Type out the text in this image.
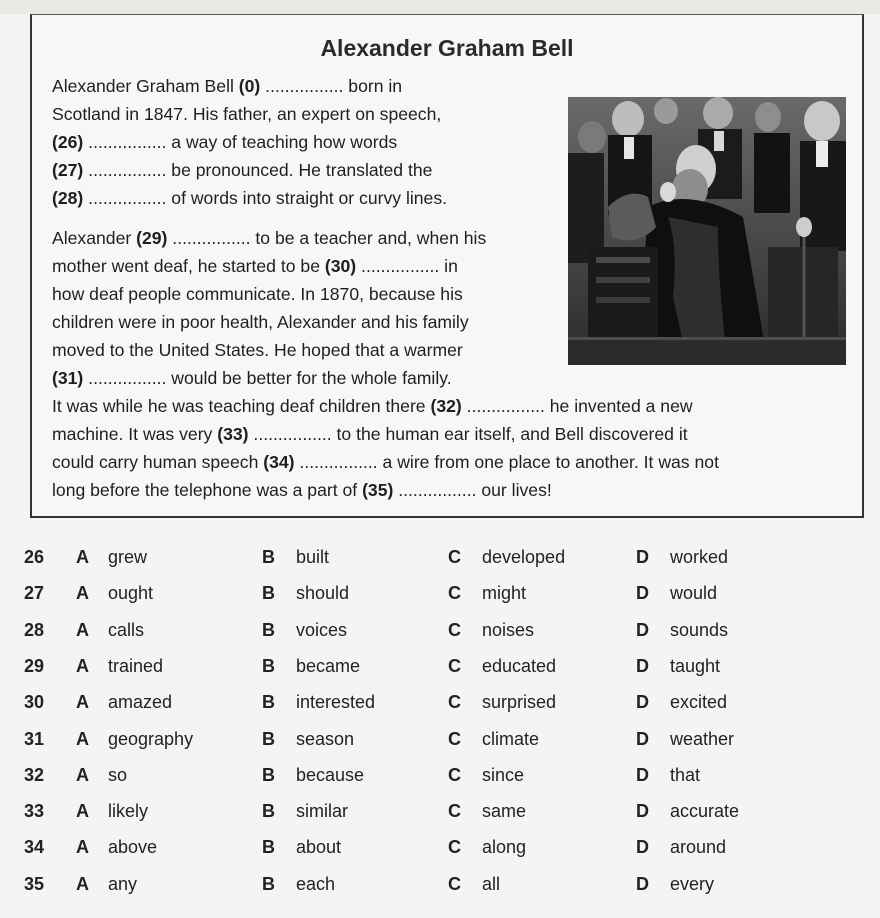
Alexander Graham Bell
Alexander Graham Bell (0) ................ born in
Scotland in 1847. His father, an expert on speech,
(26) ................ a way of teaching how words
(27) ................ be pronounced. He translated the
(28) ................ of words into straight or curvy lines.
Alexander (29) ................ to be a teacher and, when his
mother went deaf, he started to be (30) ................ in
how deaf people communicate. In 1870, because his
children were in poor health, Alexander and his family
moved to the United States. He hoped that a warmer
(31) ................ would be better for the whole family.
It was while he was teaching deaf children there (32) ................ he invented a new
machine. It was very (33) ................ to the human ear itself, and Bell discovered it
could carry human speech (34) ................ a wire from one place to another. It was not
long before the telephone was a part of (35) ................ our lives!
26 A grew	B built	C developed	D worked
27 A ought	B should	C might	D would
28 A calls	B voices	C noises	D sounds
29 A trained	B became	C educated	D taught
30 A amazed	B interested	C surprised	D excited
31 A geography	B season	C climate	D weather
32 A so	B because	C since	D that
33 A likely	B similar	C same	D accurate
34 A above	B about	C along	D around
35 A any	B each	C all	D every
